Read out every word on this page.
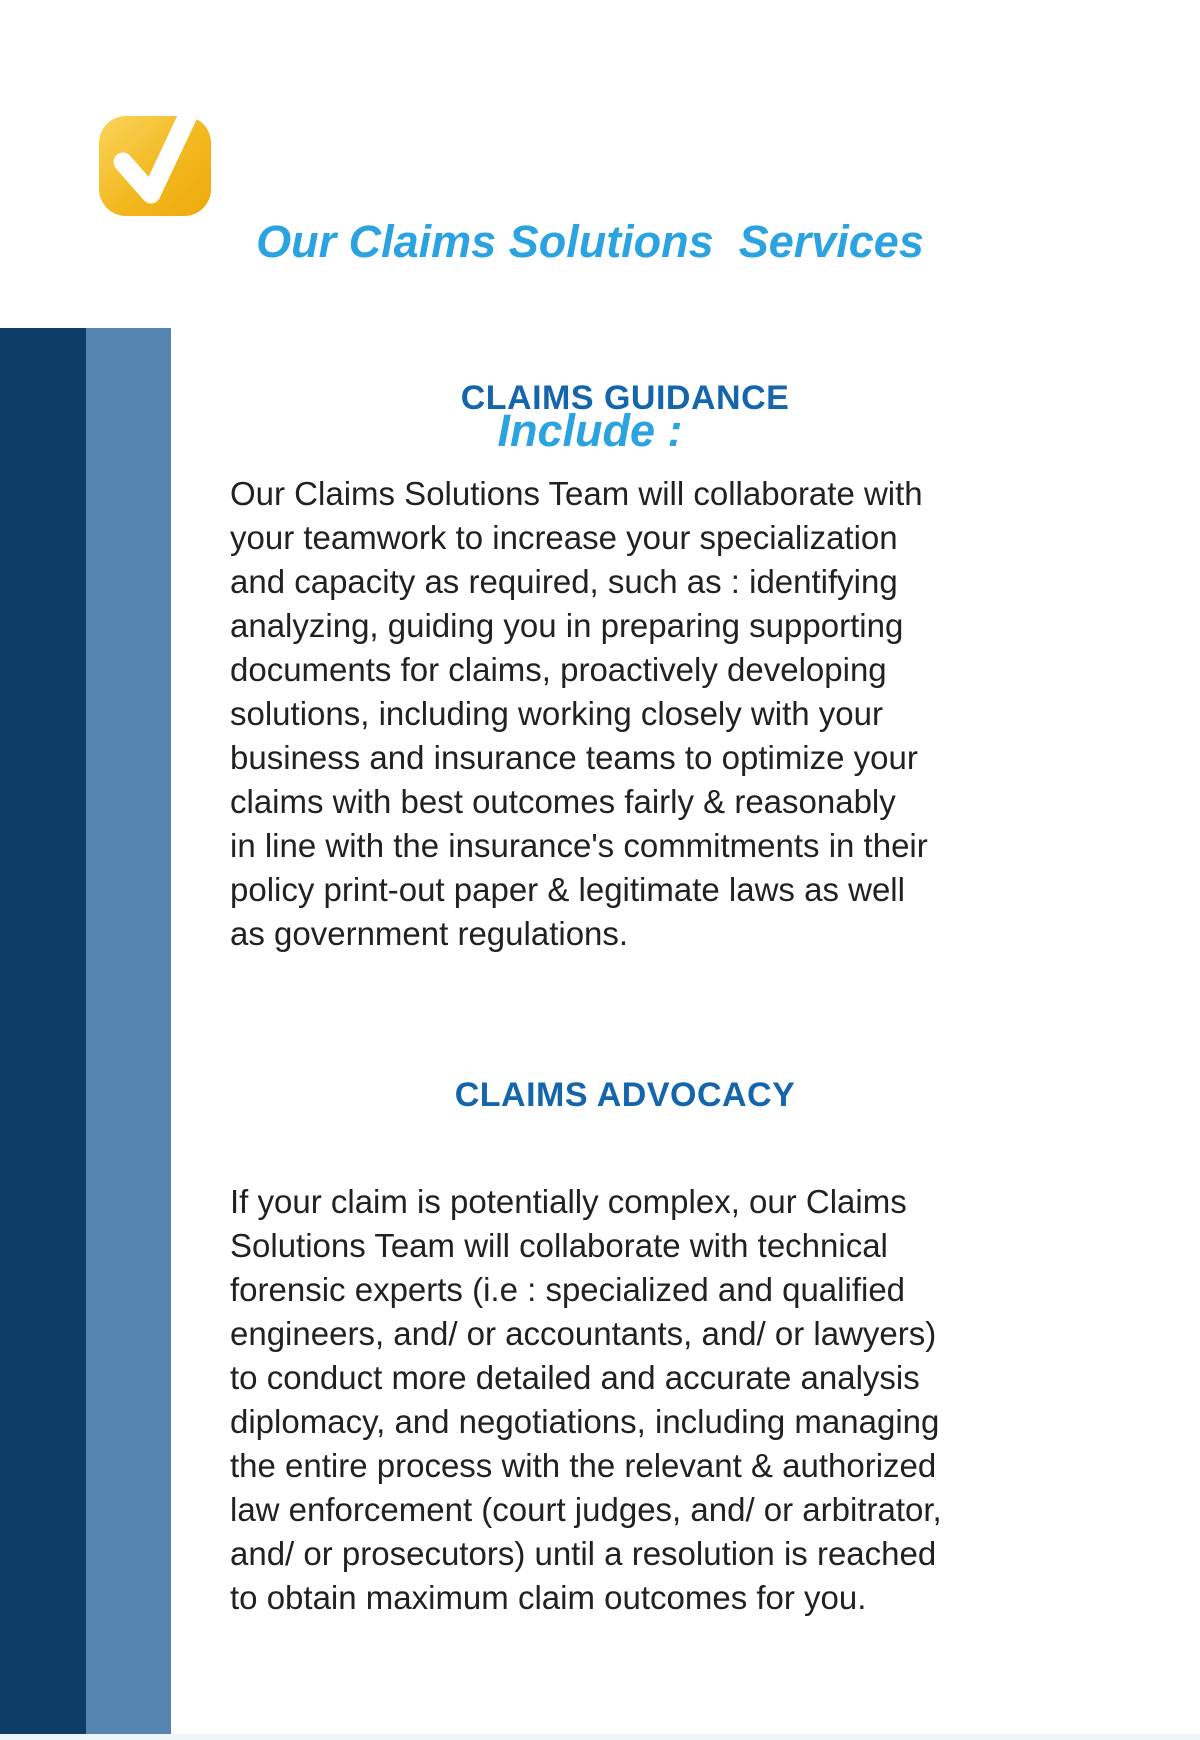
Our Claims Solutions  Services

Include :

CLAIMS GUIDANCE
Our Claims Solutions Team will collaborate with
your teamwork to increase your specialization
and capacity as required, such as : identifying
analyzing, guiding you in preparing supporting
documents for claims, proactively developing
solutions, including working closely with your
business and insurance teams to optimize your
claims with best outcomes fairly & reasonably
in line with the insurance's commitments in their
policy print-out paper & legitimate laws as well
as government regulations.
CLAIMS ADVOCACY
If your claim is potentially complex, our Claims
Solutions Team will collaborate with technical
forensic experts (i.e : specialized and qualified
engineers, and/ or accountants, and/ or lawyers)
to conduct more detailed and accurate analysis
diplomacy, and negotiations, including managing
the entire process with the relevant & authorized
law enforcement (court judges, and/ or arbitrator,
and/ or prosecutors) until a resolution is reached
to obtain maximum claim outcomes for you.
